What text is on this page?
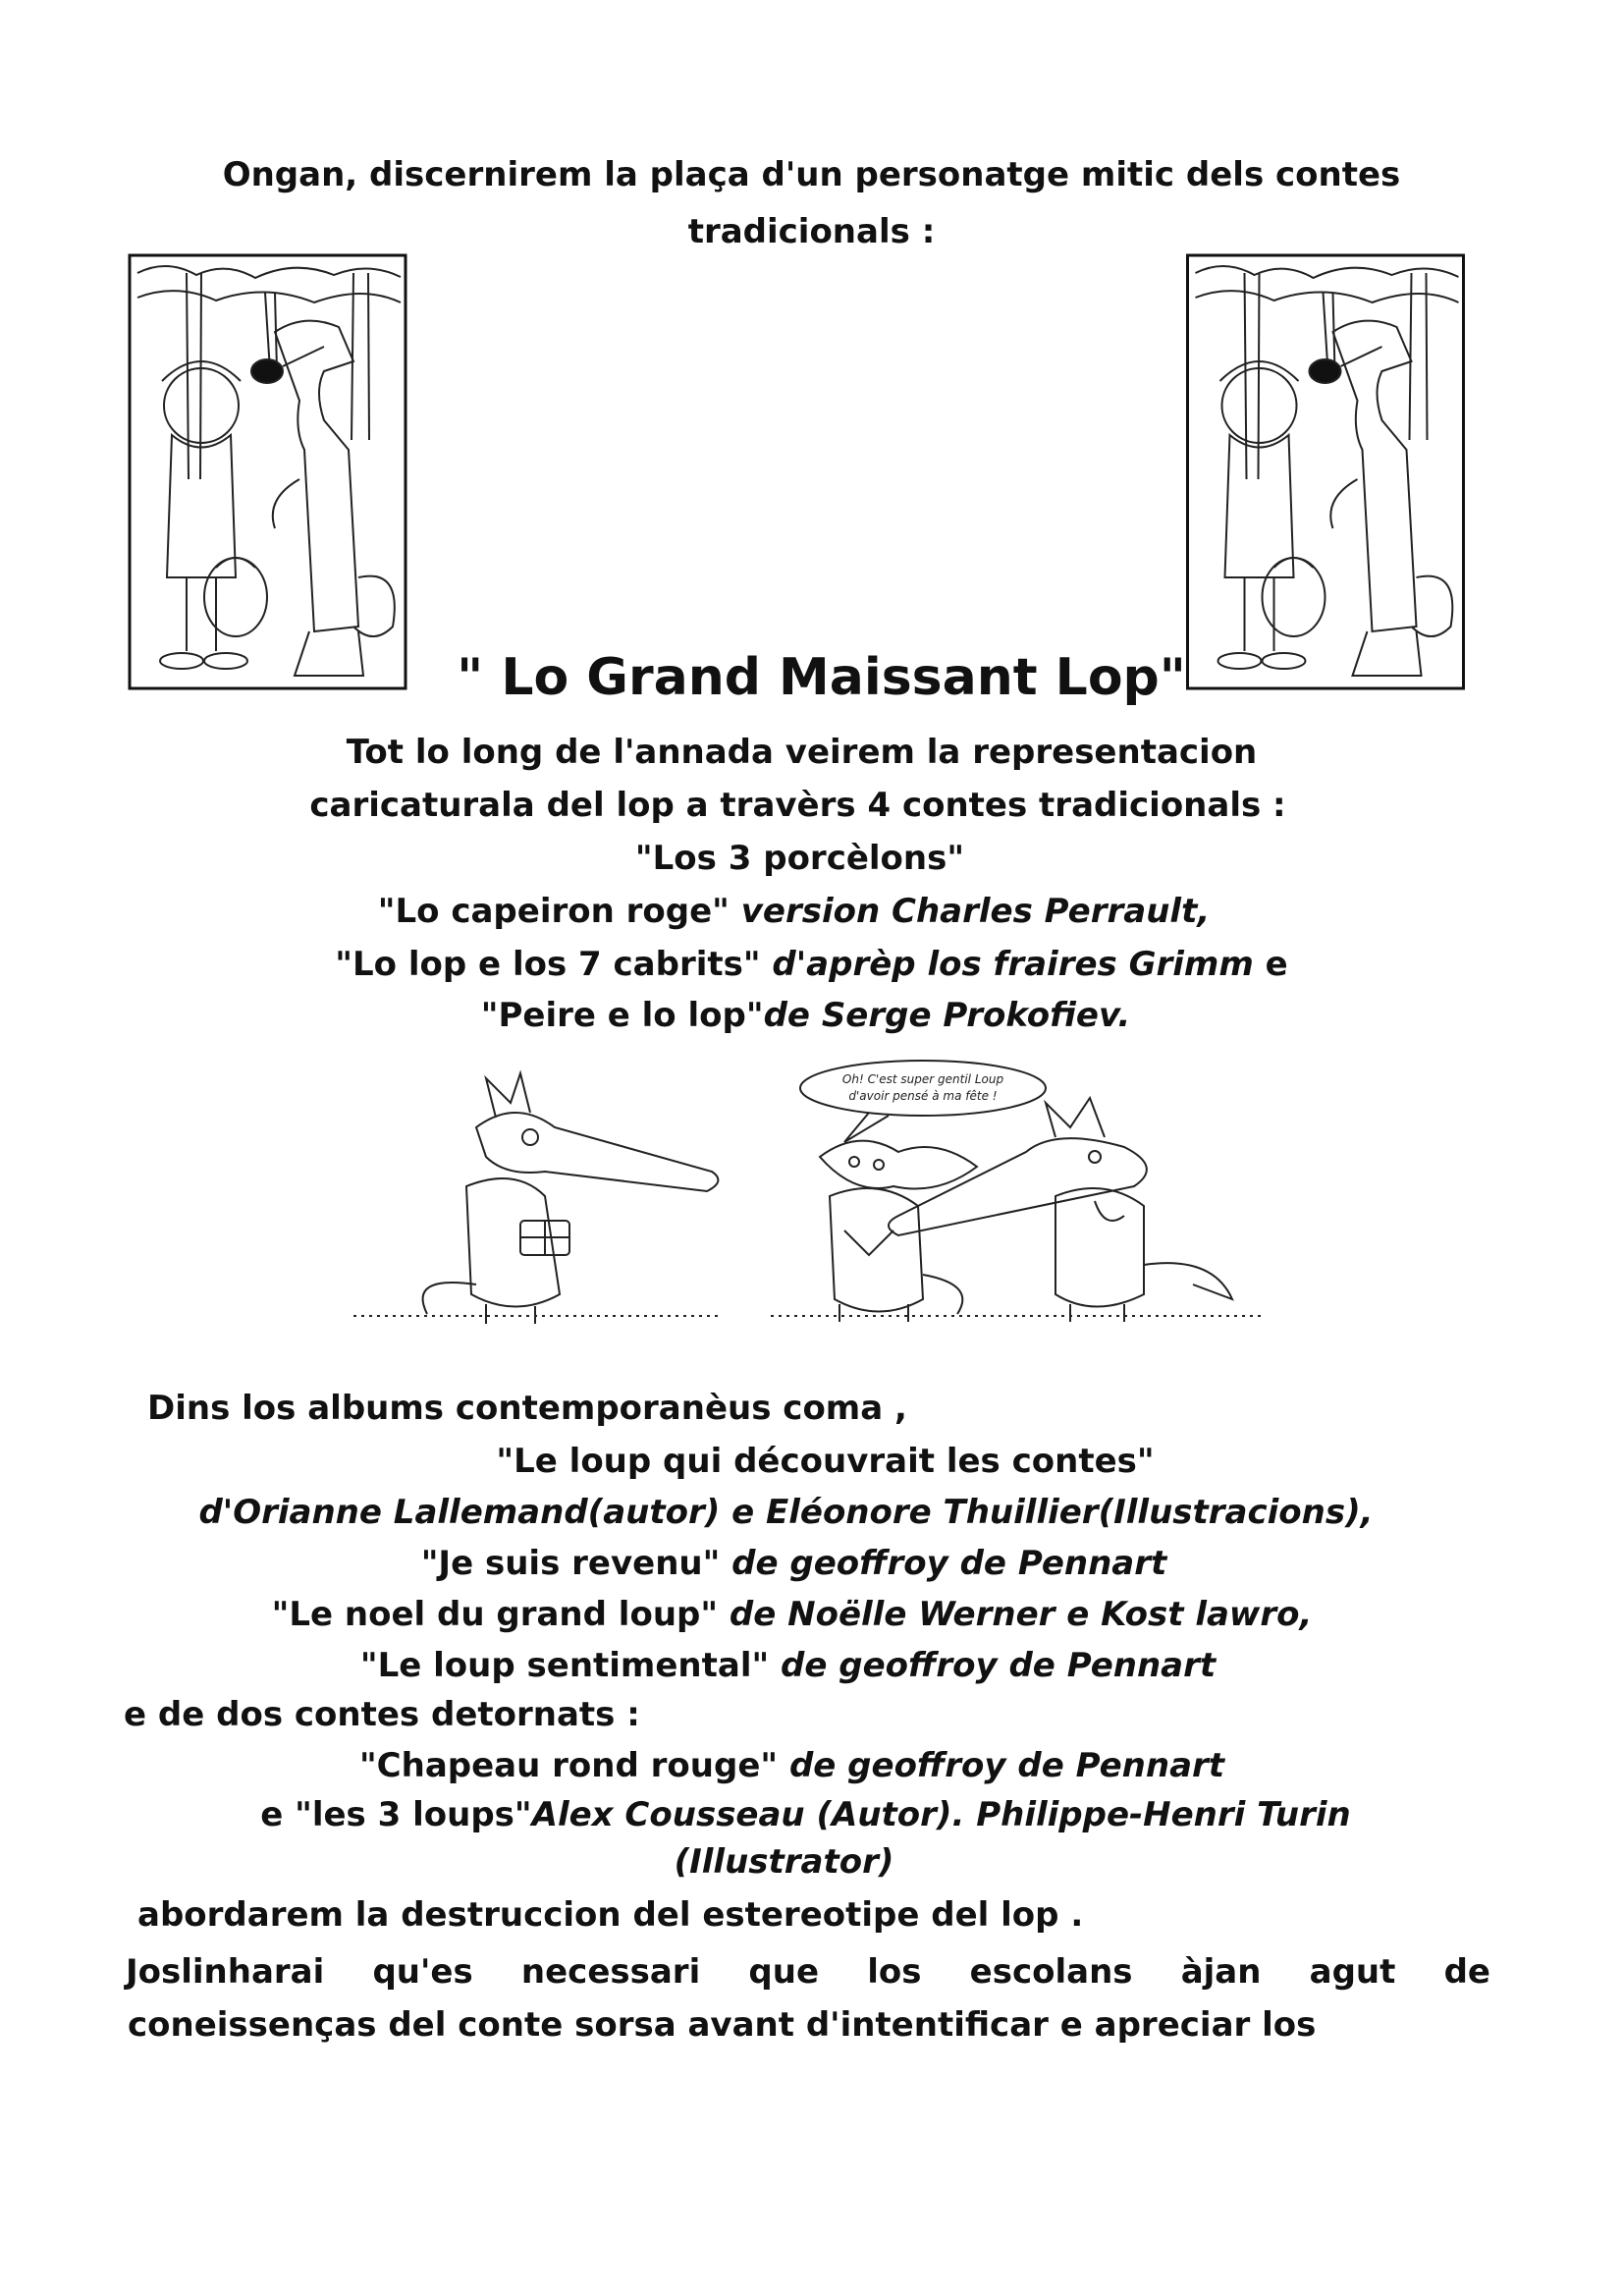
Ongan, discernirem la plaça d'un personatge mitic dels contes
tradicionals :
" Lo Grand Maissant Lop"
Tot lo long de l'annada veirem la representacion
caricaturala del lop a travèrs 4 contes tradicionals :
"Los 3 porcèlons"
"Lo capeiron roge" version Charles Perrault,
"Lo lop e los 7 cabrits" d'aprèp los fraires Grimm e
"Peire e lo lop"de Serge Prokofiev.
Oh! C'est super gentil Loup
d'avoir pensé à ma fête !
Dins los albums contemporanèus coma ,
"Le loup qui découvrait les contes"
d'Orianne Lallemand(autor) e Eléonore Thuillier(Illustracions),
"Je suis revenu" de geoffroy de Pennart
"Le noel du grand loup" de Noëlle Werner e Kost lawro,
"Le loup sentimental" de geoffroy de Pennart
e de dos contes detornats :
"Chapeau rond rouge" de geoffroy de Pennart
e "les 3 loups"Alex Cousseau (Autor). Philippe-Henri Turin
(Illustrator)
abordarem la destruccion del estereotipe del lop .
Joslinharai qu'es necessari que los escolans àjan agut de
coneissenças del conte sorsa avant d'intentificar e apreciar los
